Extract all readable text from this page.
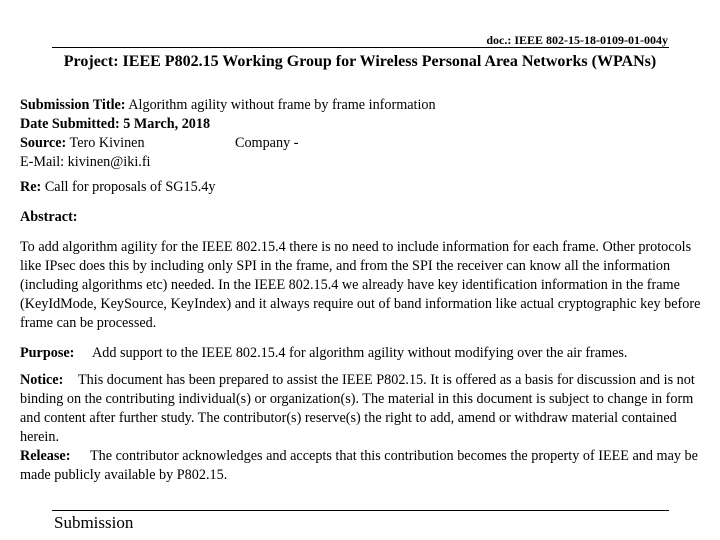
doc.: IEEE 802-15-18-0109-01-004y
Project: IEEE P802.15 Working Group for Wireless Personal Area Networks (WPANs)
Submission Title: Algorithm agility without frame by frame information
Date Submitted: 5 March, 2018
Source: Tero Kivinen	Company -
E-Mail: kivinen@iki.fi
Re: Call for proposals of SG15.4y
Abstract:
To add algorithm agility for the IEEE 802.15.4 there is no need to include information for each frame. Other protocols like IPsec does this by including only SPI in the frame, and from the SPI the receiver can know all the information (including algorithms etc) needed. In the IEEE 802.15.4 we already have key identification information in the frame (KeyIdMode, KeySource, KeyIndex) and it always require out of band information like actual cryptographic key before frame can be processed.
Purpose: Add support to the IEEE 802.15.4 for algorithm agility without modifying over the air frames.
Notice: This document has been prepared to assist the IEEE P802.15. It is offered as a basis for discussion and is not binding on the contributing individual(s) or organization(s). The material in this document is subject to change in form and content after further study. The contributor(s) reserve(s) the right to add, amend or withdraw material contained herein.
Release: The contributor acknowledges and accepts that this contribution becomes the property of IEEE and may be made publicly available by P802.15.
Submission
